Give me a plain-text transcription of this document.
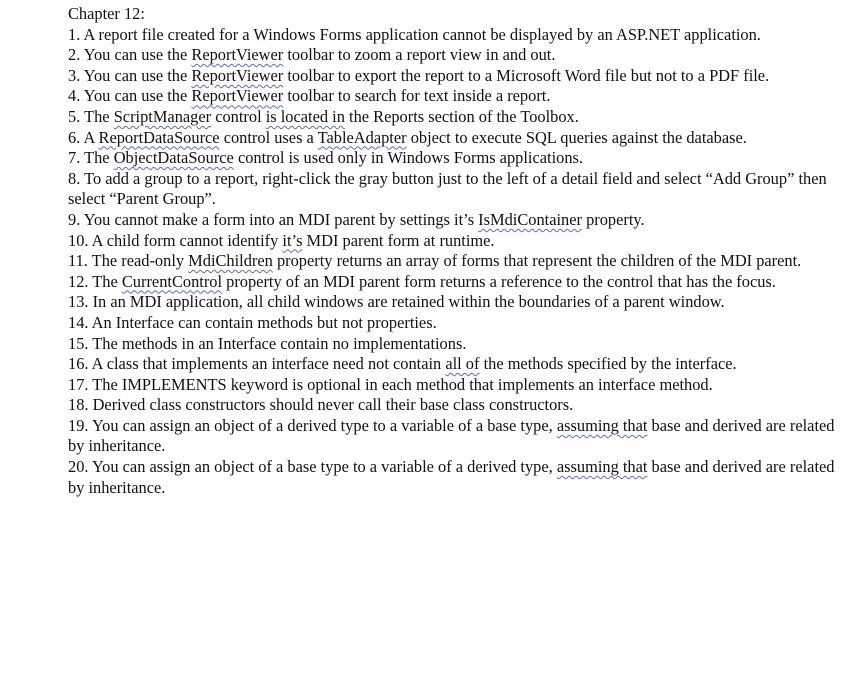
Chapter 12:

1. A report file created for a Windows Forms application cannot be displayed by an ASP.NET application.

2. You can use the ReportViewer toolbar to zoom a report view in and out.

3. You can use the ReportViewer toolbar to export the report to a Microsoft Word file but not to a PDF file.

4. You can use the ReportViewer toolbar to search for text inside a report.

5. The ScriptManager control is located in the Reports section of the Toolbox.

6. A ReportDataSource control uses a TableAdapter object to execute SQL queries against the database.

7. The ObjectDataSource control is used only in Windows Forms applications.

8. To add a group to a report, right-click the gray button just to the left of a detail field and select “Add Group” then select “Parent Group”.

9. You cannot make a form into an MDI parent by settings it’s IsMdiContainer property.

10. A child form cannot identify it’s MDI parent form at runtime.

11. The read-only MdiChildren property returns an array of forms that represent the children of the MDI parent.

12. The CurrentControl property of an MDI parent form returns a reference to the control that has the focus.

13. In an MDI application, all child windows are retained within the boundaries of a parent window.

14. An Interface can contain methods but not properties.

15. The methods in an Interface contain no implementations.

16. A class that implements an interface need not contain all of the methods specified by the interface.

17. The IMPLEMENTS keyword is optional in each method that implements an interface method.

18. Derived class constructors should never call their base class constructors.

19. You can assign an object of a derived type to a variable of a base type, assuming that base and derived are related by inheritance.

20. You can assign an object of a base type to a variable of a derived type, assuming that base and derived are related by inheritance.
